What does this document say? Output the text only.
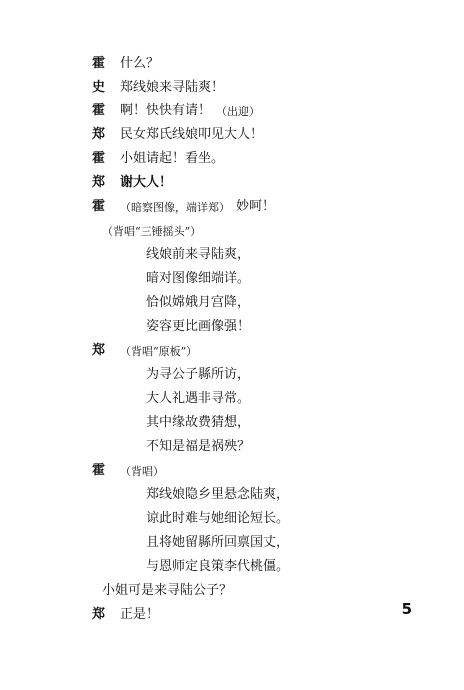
霍 什么？
史 郑线娘来寻陆爽！
霍 啊！快快有请！ （出迎）
郑 民女郑氏线娘叩见大人！
霍 小姐请起！看坐。
郑 谢大人！
霍 （暗察图像，端详郑） 妙呵！
（背唱“三锤摇头”）
线娘前来寻陆爽，
暗对图像细端详。
恰似嫦娥月宫降，
姿容更比画像强！
郑 （背唱“原板”）
为寻公子縣所访，
大人礼遇非寻常。
其中缘故费猜想，
不知是福是祸殃？
霍 （背唱）
郑线娘隐乡里悬念陆爽，
谅此时难与她细论短长。
且将她留縣所回禀国丈，
与恩师定良策李代桃僵。
小姐可是来寻陆公子？
郑 正是！	5
